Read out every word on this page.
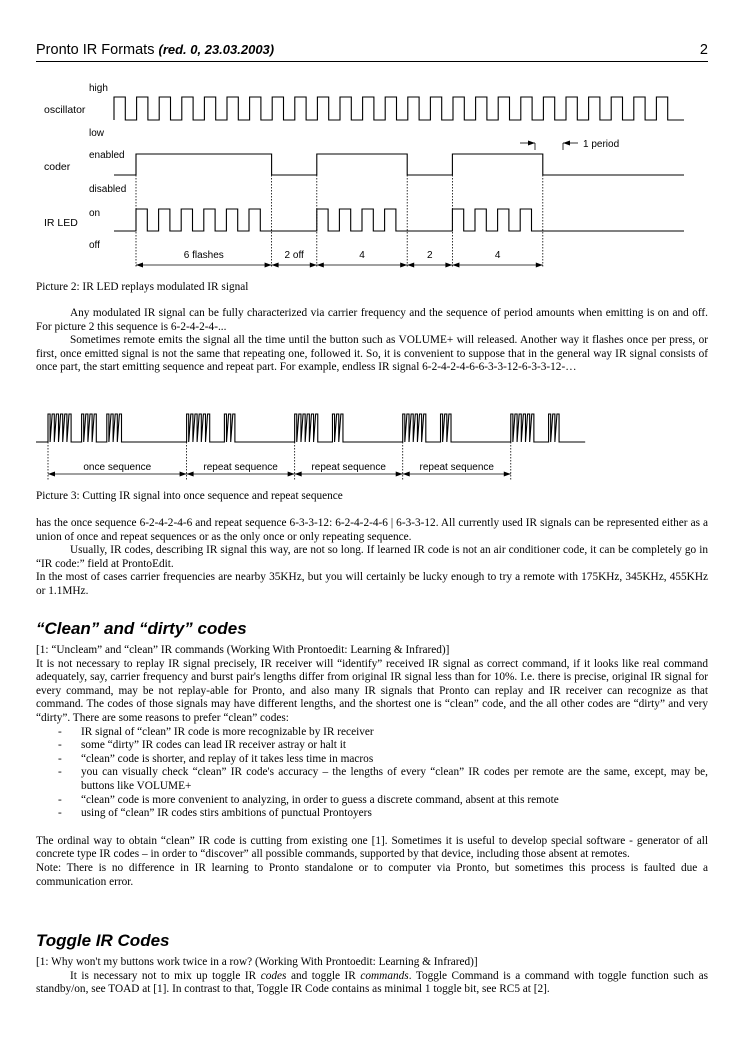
Pronto IR Formats (red. 0, 23.03.2003)	2
high
oscillator
low
enabled
coder
disabled
on
IR LED
off
6 flashes	2 off	4	2	4
1 period
Picture 2: IR LED replays modulated IR signal

Any modulated IR signal can be fully characterized via carrier frequency and the sequence of period amounts when emitting is on and off. For picture 2 this sequence is 6-2-4-2-4-...

Sometimes remote emits the signal all the time until the button such as VOLUME+ will released. Another way it flashes once per press, or first, once emitted signal is not the same that repeating one, followed it. So, it is convenient to suppose that in the general way IR signal consists of once part, the start emitting sequence and repeat part. For example, endless IR signal 6-2-4-2-4-6-6-3-3-12-6-3-3-12-…

once sequence	repeat sequence	repeat sequence	repeat sequence
Picture 3: Cutting IR signal into once sequence and repeat sequence

has the once sequence 6-2-4-2-4-6 and repeat sequence 6-3-3-12: 6-2-4-2-4-6 | 6-3-3-12. All currently used IR signals can be represented either as a union of once and repeat sequences or as the only once or only repeating sequence.

Usually, IR codes, describing IR signal this way, are not so long. If learned IR code is not an air conditioner code, it can be completely go in “IR code:” field at ProntoEdit.

In the most of cases carrier frequencies are nearby 35KHz, but you will certainly be lucky enough to try a remote with 175KHz, 345KHz, 455KHz or 1.1MHz.

“Clean” and “dirty” codes

[1: “Uncleam” and “clean” IR commands (Working With Prontoedit: Learning & Infrared)]

It is not necessary to replay IR signal precisely, IR receiver will “identify” received IR signal as correct command, if it looks like real command adequately, say, carrier frequency and burst pair's lengths differ from original IR signal less than for 10%. I.e. there is precise, original IR signal for every command, may be not replay-able for Pronto, and also many IR signals that Pronto can replay and IR receiver can recognize as that command. The codes of those signals may have different lengths, and the shortest one is “clean” code, and the all other codes are “dirty” and very “dirty”. There are some reasons to prefer “clean” codes:

- IR signal of “clean” IR code is more recognizable by IR receiver
- some “dirty” IR codes can lead IR receiver astray or halt it
- “clean” code is shorter, and replay of it takes less time in macros
- you can visually check “clean” IR code's accuracy – the lengths of every “clean” IR codes per remote are the same, except, may be, buttons like VOLUME+
- “clean” code is more convenient to analyzing, in order to guess a discrete command, absent at this remote
- using of “clean” IR codes stirs ambitions of punctual Prontoyers

The ordinal way to obtain “clean” IR code is cutting from existing one [1]. Sometimes it is useful to develop special software - generator of all concrete type IR codes – in order to “discover” all possible commands, supported by that device, including those absent at remotes.

Note: There is no difference in IR learning to Pronto standalone or to computer via Pronto, but sometimes this process is faulted due a communication error.

Toggle IR Codes

[1: Why won't my buttons work twice in a row? (Working With Prontoedit: Learning & Infrared)]

It is necessary not to mix up toggle IR codes and toggle IR commands. Toggle Command is a command with toggle function such as standby/on, see TOAD at [1]. In contrast to that, Toggle IR Code contains as minimal 1 toggle bit, see RC5 at [2].
